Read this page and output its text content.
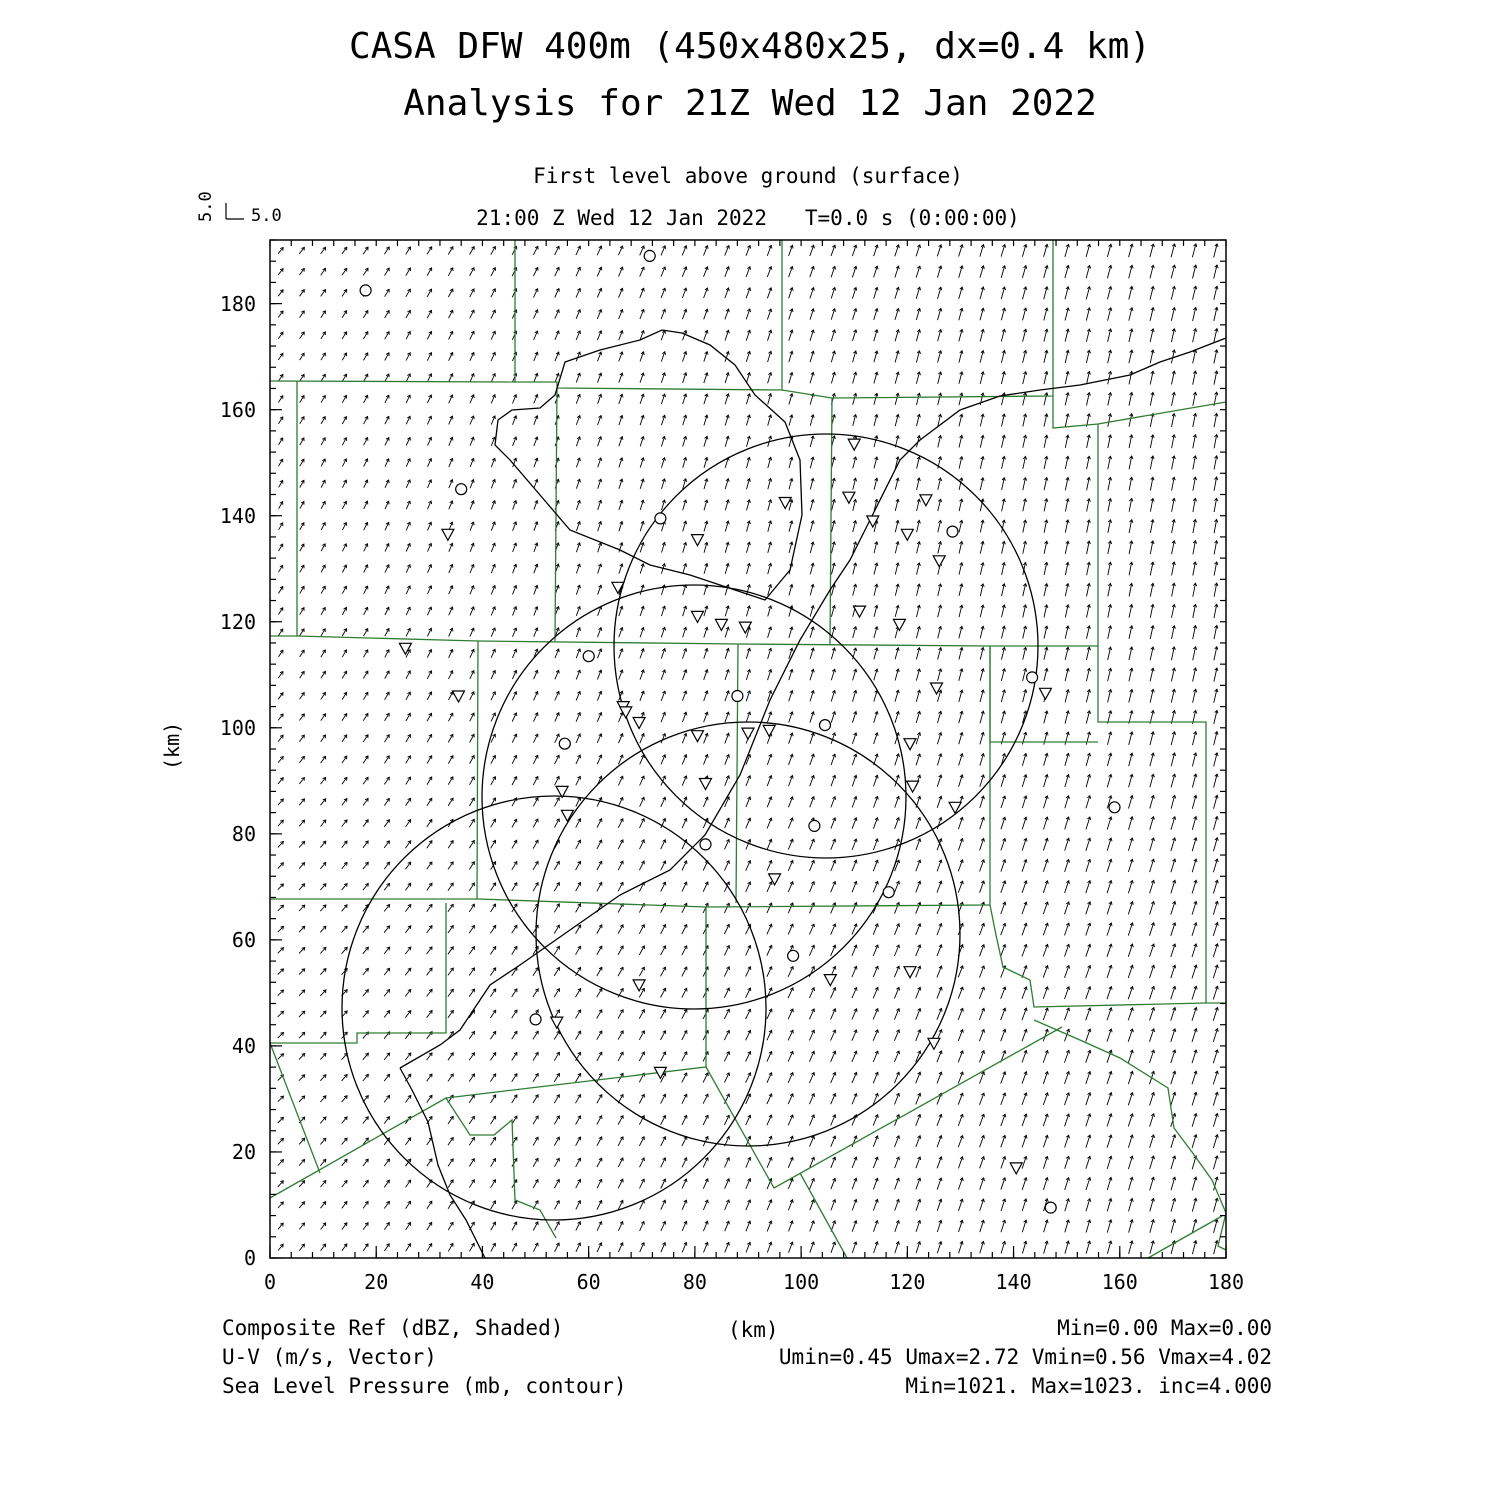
CASA DFW 400m (450x480x25, dx=0.4 km)
Analysis for 21Z Wed 12 Jan 2022
First level above ground (surface)
21:00 Z Wed 12 Jan 2022   T=0.0 s (0:00:00)
5.0
5.0
0	20	40	60	80	100	120	140	160	180
0
20
40
60
80
100
120
140
160
180
(km)
(km)
Composite Ref (dBZ, Shaded)
U-V (m/s, Vector)
Sea Level Pressure (mb, contour)
Min=0.00 Max=0.00
Umin=0.45 Umax=2.72 Vmin=0.56 Vmax=4.02
Min=1021. Max=1023. inc=4.000
